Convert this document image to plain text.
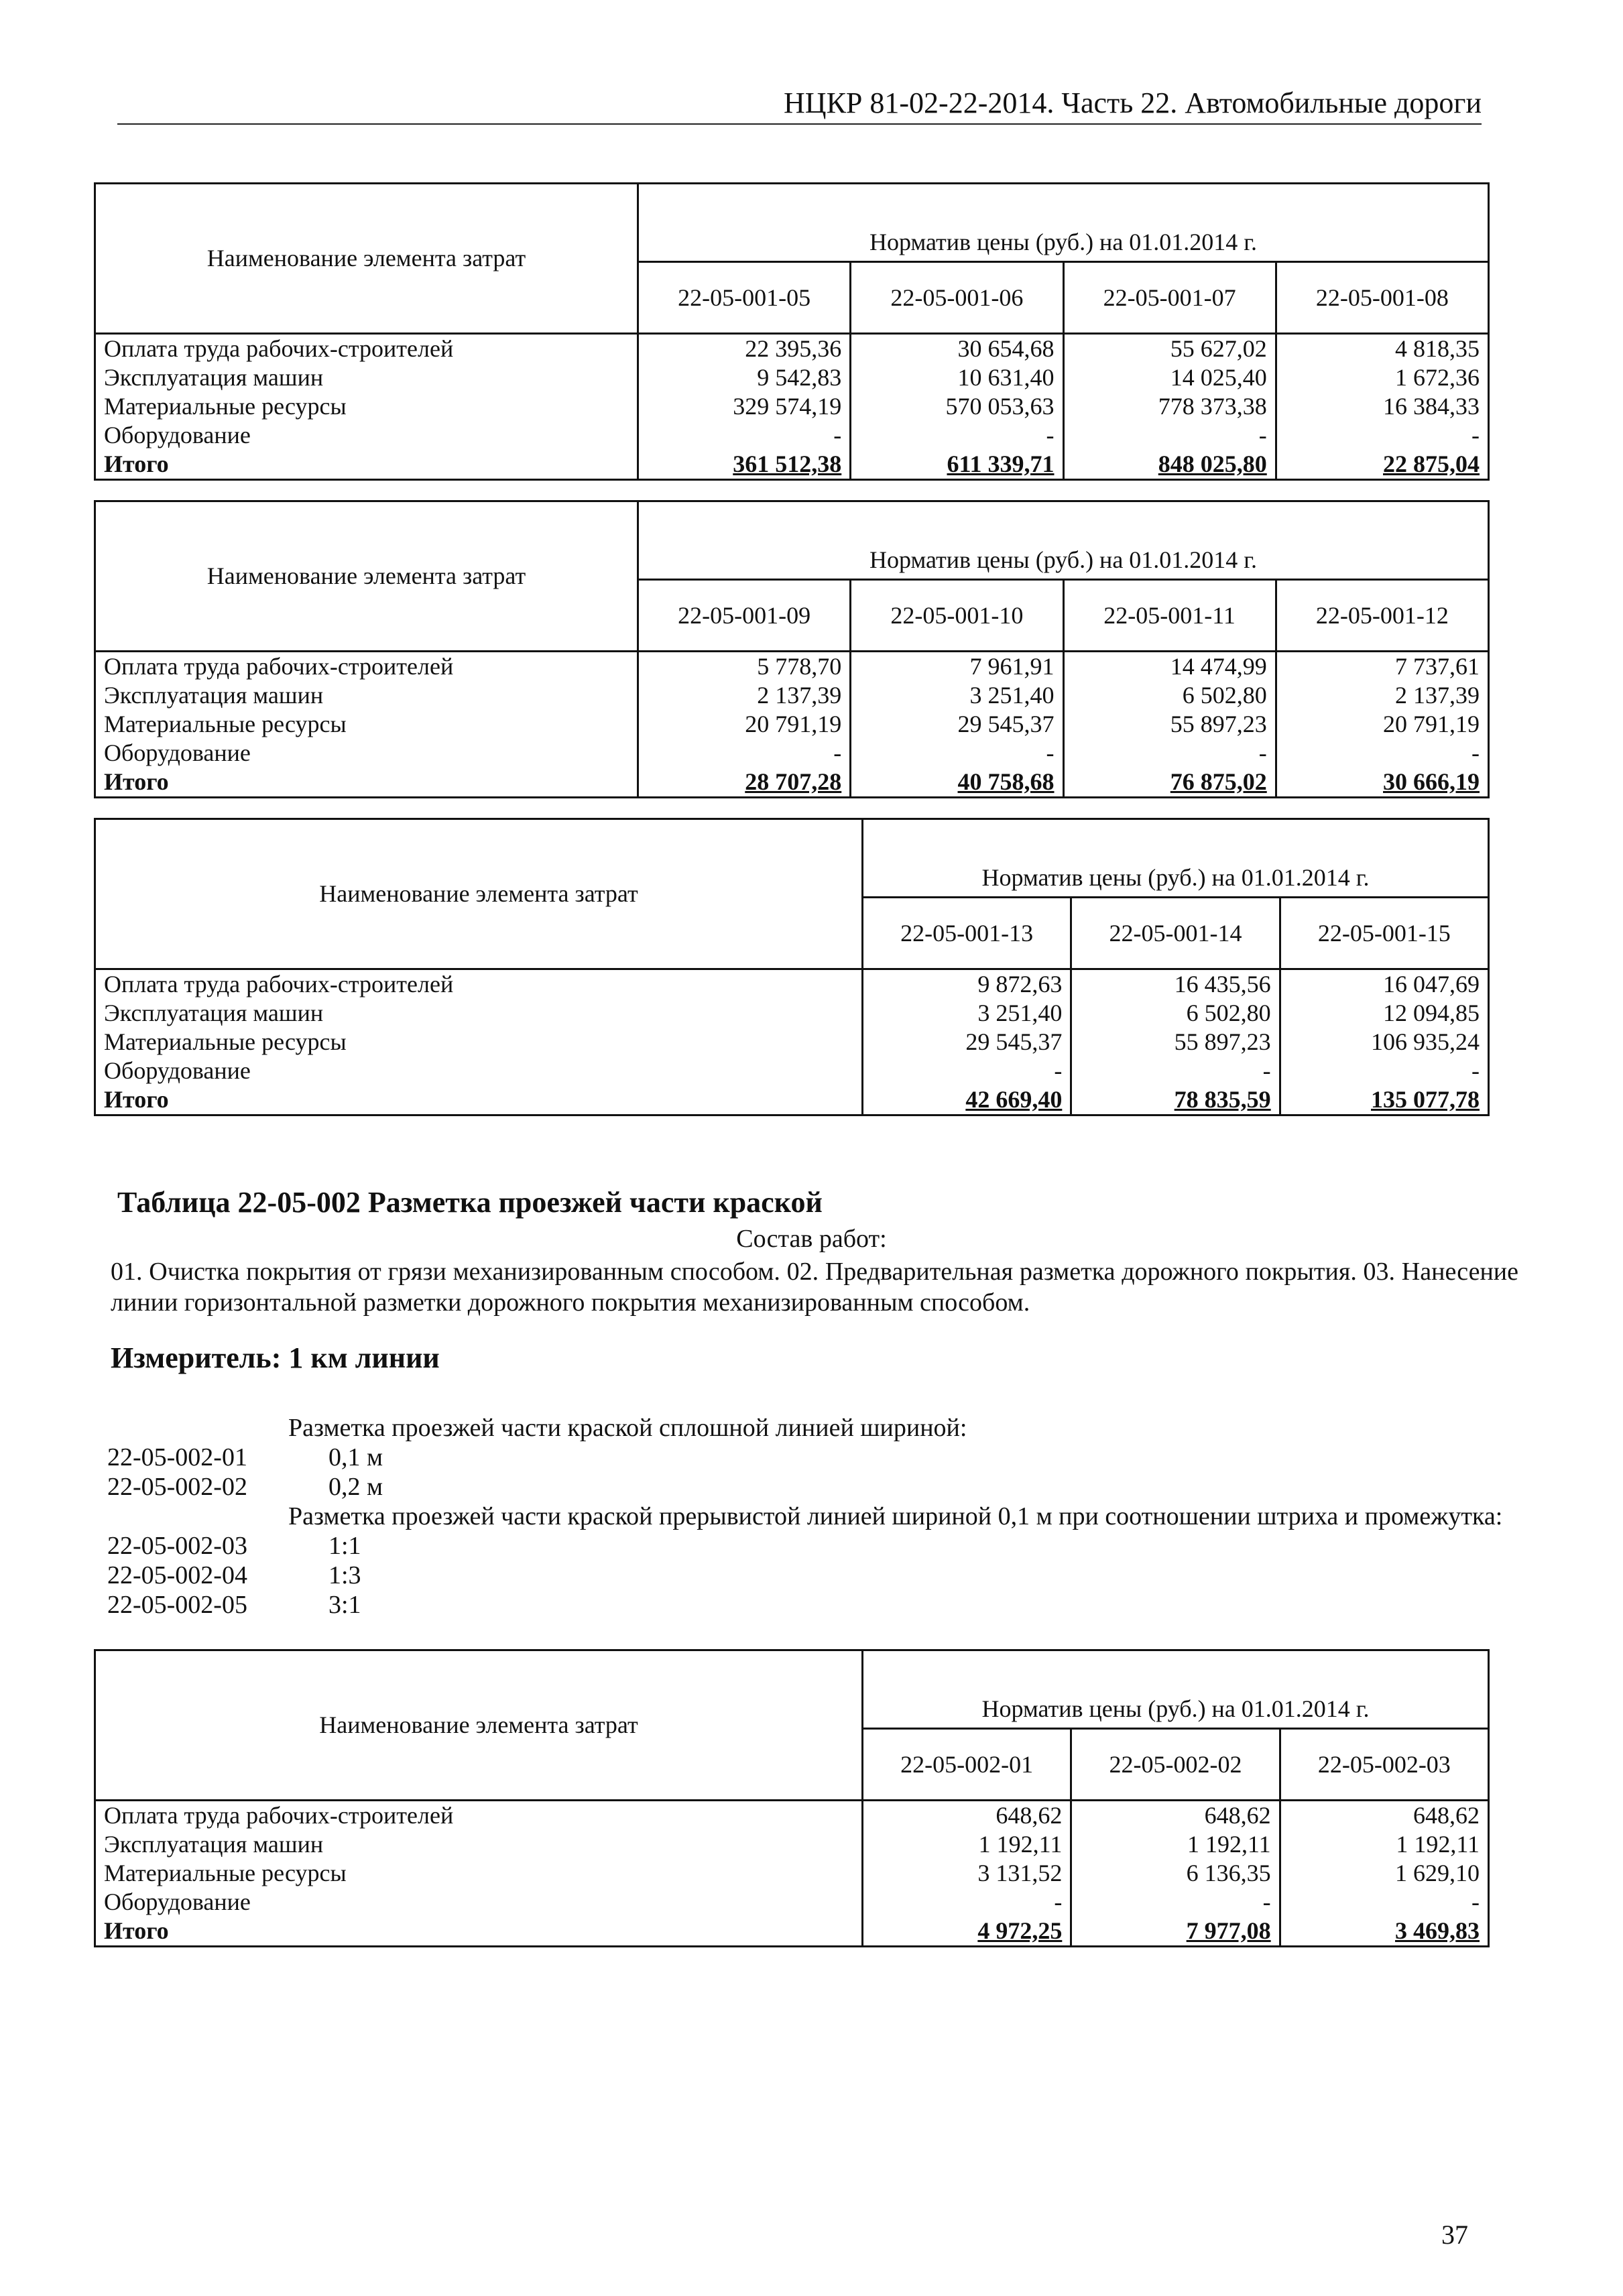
НЦКР 81-02-22-2014. Часть 22. Автомобильные дороги
Наименование элемента затрат	Норматив цены (руб.) на 01.01.2014 г.			
	22-05-001-05	22-05-001-06	22-05-001-07	22-05-001-08
Оплата труда рабочих-строителей	22 395,36	30 654,68	55 627,02	4 818,35
Эксплуатация машин	9 542,83	10 631,40	14 025,40	1 672,36
Материальные ресурсы	329 574,19	570 053,63	778 373,38	16 384,33
Оборудование	-	-	-	-
Итого	361 512,38	611 339,71	848 025,80	22 875,04
Наименование элемента затрат	Норматив цены (руб.) на 01.01.2014 г.			
	22-05-001-09	22-05-001-10	22-05-001-11	22-05-001-12
Оплата труда рабочих-строителей	5 778,70	7 961,91	14 474,99	7 737,61
Эксплуатация машин	2 137,39	3 251,40	6 502,80	2 137,39
Материальные ресурсы	20 791,19	29 545,37	55 897,23	20 791,19
Оборудование	-	-	-	-
Итого	28 707,28	40 758,68	76 875,02	30 666,19
Наименование элемента затрат	Норматив цены (руб.) на 01.01.2014 г.		
	22-05-001-13	22-05-001-14	22-05-001-15
Оплата труда рабочих-строителей	9 872,63	16 435,56	16 047,69
Эксплуатация машин	3 251,40	6 502,80	12 094,85
Материальные ресурсы	29 545,37	55 897,23	106 935,24
Оборудование	-	-	-
Итого	42 669,40	78 835,59	135 077,78
Таблица 22-05-002 Разметка проезжей части краской
Состав работ:
01. Очистка покрытия от грязи механизированным способом. 02. Предварительная разметка дорожного покрытия. 03. Нанесение линии горизонтальной разметки дорожного покрытия механизированным способом.
Измеритель: 1 км линии
Разметка проезжей части краской сплошной линией шириной:
22-05-002-01	0,1 м
22-05-002-02	0,2 м
Разметка проезжей части краской прерывистой линией шириной 0,1 м при соотношении штриха и промежутка:
22-05-002-03	1:1
22-05-002-04	1:3
22-05-002-05	3:1
Наименование элемента затрат	Норматив цены (руб.) на 01.01.2014 г.		
	22-05-002-01	22-05-002-02	22-05-002-03
Оплата труда рабочих-строителей	648,62	648,62	648,62
Эксплуатация машин	1 192,11	1 192,11	1 192,11
Материальные ресурсы	3 131,52	6 136,35	1 629,10
Оборудование	-	-	-
Итого	4 972,25	7 977,08	3 469,83
37
